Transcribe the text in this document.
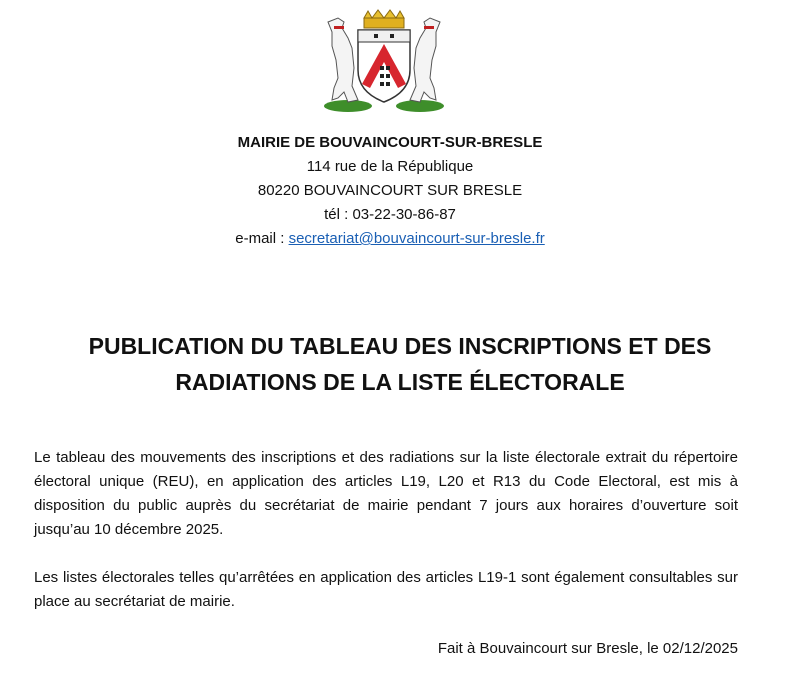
MAIRIE DE BOUVAINCOURT-SUR-BRESLE
114 rue de la République
80220 BOUVAINCOURT SUR BRESLE
tél : 03-22-30-86-87
e-mail : secretariat@bouvaincourt-sur-bresle.fr
PUBLICATION DU TABLEAU DES INSCRIPTIONS ET DES
RADIATIONS DE LA LISTE ÉLECTORALE
Le tableau des mouvements des inscriptions et des radiations sur la liste électorale extrait du répertoire électoral unique (REU), en application des articles L19, L20 et R13 du Code Electoral, est mis à disposition du public auprès du secrétariat de mairie pendant 7 jours aux horaires d’ouverture soit jusqu’au 10 décembre 2025.
Les listes électorales telles qu’arrêtées en application des articles L19-1 sont également consultables sur place au secrétariat de mairie.
Fait à Bouvaincourt sur Bresle, le 02/12/2025
